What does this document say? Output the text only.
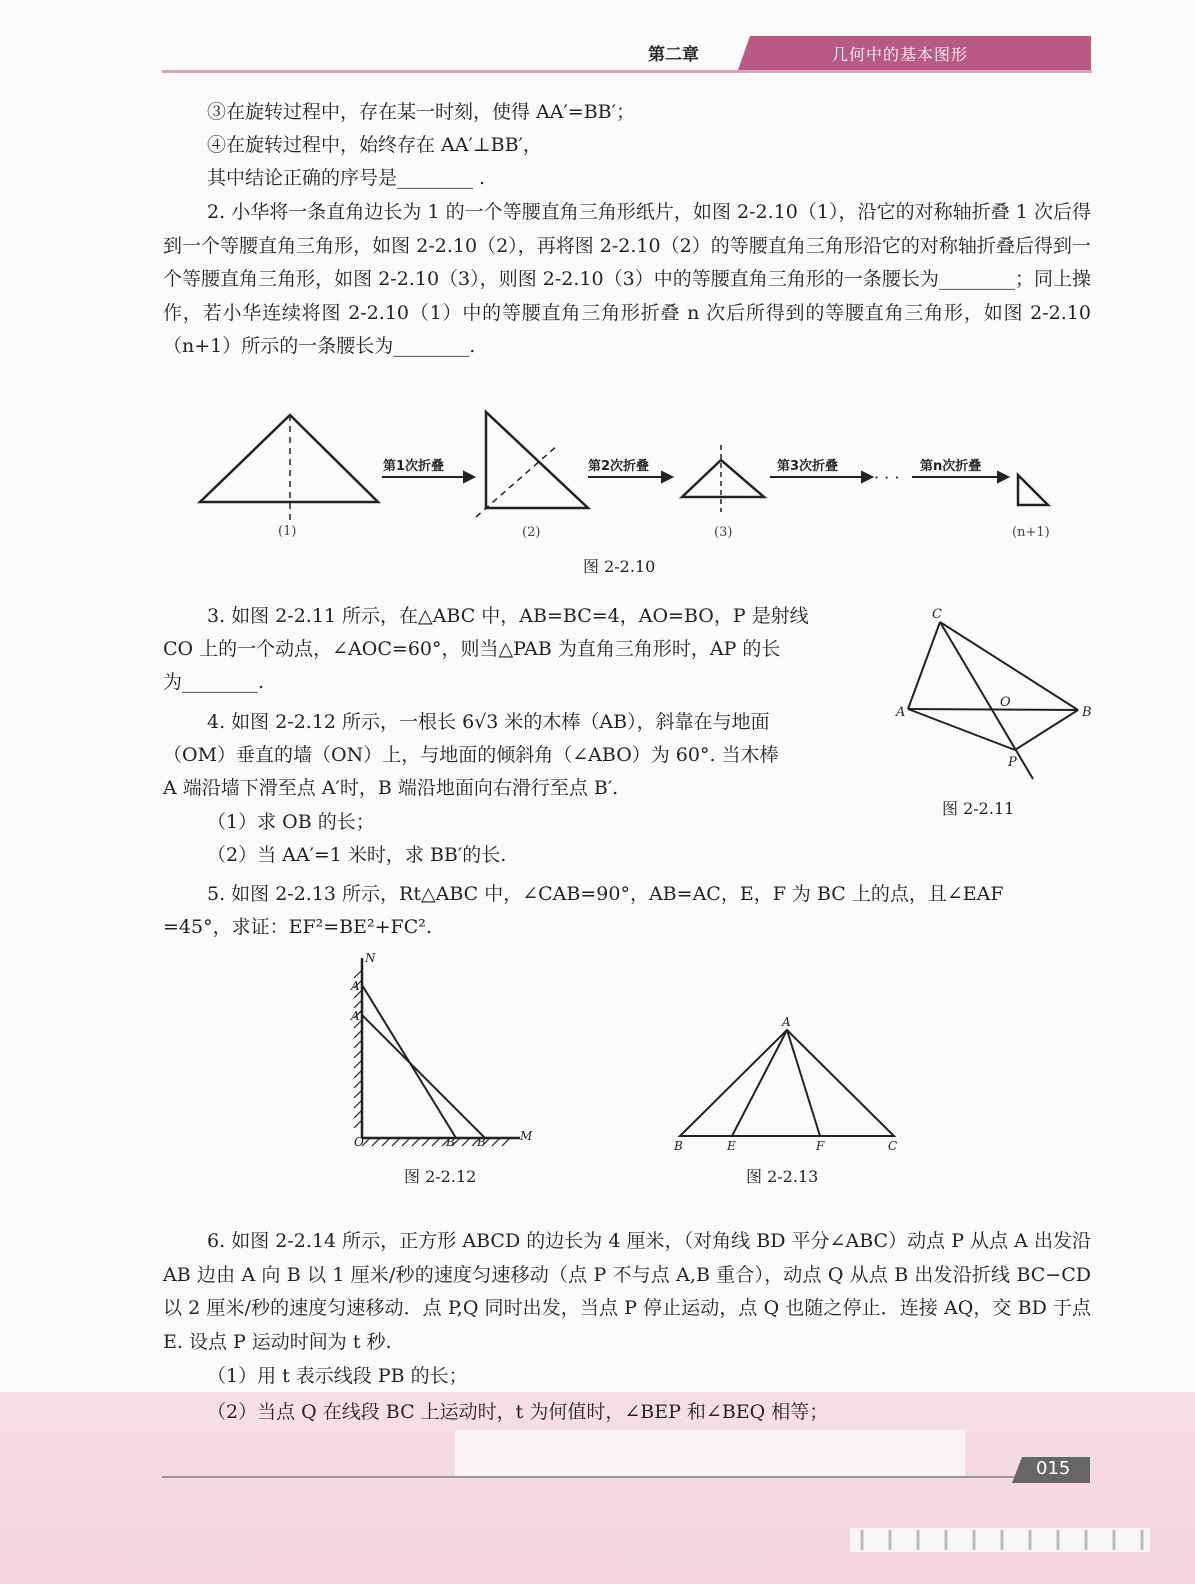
第二章	几何中的基本图形
③在旋转过程中，存在某一时刻，使得 AA′=BB′；
④在旋转过程中，始终存在 AA′⊥BB′，
其中结论正确的序号是________ .
2. 小华将一条直角边长为 1 的一个等腰直角三角形纸片，如图 2-2.10（1），沿它的对称轴折叠 1 次后得到一个等腰直角三角形，如图 2-2.10（2），再将图 2-2.10（2）的等腰直角三角形沿它的对称轴折叠后得到一个等腰直角三角形，如图 2-2.10（3），则图 2-2.10（3）中的等腰直角三角形的一条腰长为________；同上操作，若小华连续将图 2-2.10（1）中的等腰直角三角形折叠 n 次后所得到的等腰直角三角形，如图 2-2.10（n+1）所示的一条腰长为________.
第1次折叠	第2次折叠	第3次折叠	第n次折叠
· · ·
(1)	(2)	(3)	(n+1)
图 2-2.10
3. 如图 2-2.11 所示，在△ABC 中，AB=BC=4，AO=BO，P 是射线
CO 上的一个动点，∠AOC=60°，则当△PAB 为直角三角形时，AP 的长
为________.
C
A
O
B
P
图 2-2.11
4. 如图 2-2.12 所示，一根长 6√3 米的木棒（AB），斜靠在与地面
（OM）垂直的墙（ON）上，与地面的倾斜角（∠ABO）为 60°. 当木棒
A 端沿墙下滑至点 A′时，B 端沿地面向右滑行至点 B′.
（1）求 OB 的长；
（2）当 AA′=1 米时，求 BB′的长.
5. 如图 2-2.13 所示，Rt△ABC 中，∠CAB=90°，AB=AC，E，F 为 BC 上的点，且∠EAF
=45°，求证：EF²=BE²+FC².
N
A
A′
O	B B′	M
图 2-2.12
A
B	E	F	C
图 2-2.13
6. 如图 2-2.14 所示，正方形 ABCD 的边长为 4 厘米，（对角线 BD 平分∠ABC）动点 P 从点 A 出发沿 AB 边由 A 向 B 以 1 厘米/秒的速度匀速移动（点 P 不与点 A,B 重合），动点 Q 从点 B 出发沿折线 BC−CD 以 2 厘米/秒的速度匀速移动．点 P,Q 同时出发，当点 P 停止运动，点 Q 也随之停止．连接 AQ，交 BD 于点 E. 设点 P 运动时间为 t 秒.
（1）用 t 表示线段 PB 的长；
（2）当点 Q 在线段 BC 上运动时，t 为何值时，∠BEP 和∠BEQ 相等；
015
